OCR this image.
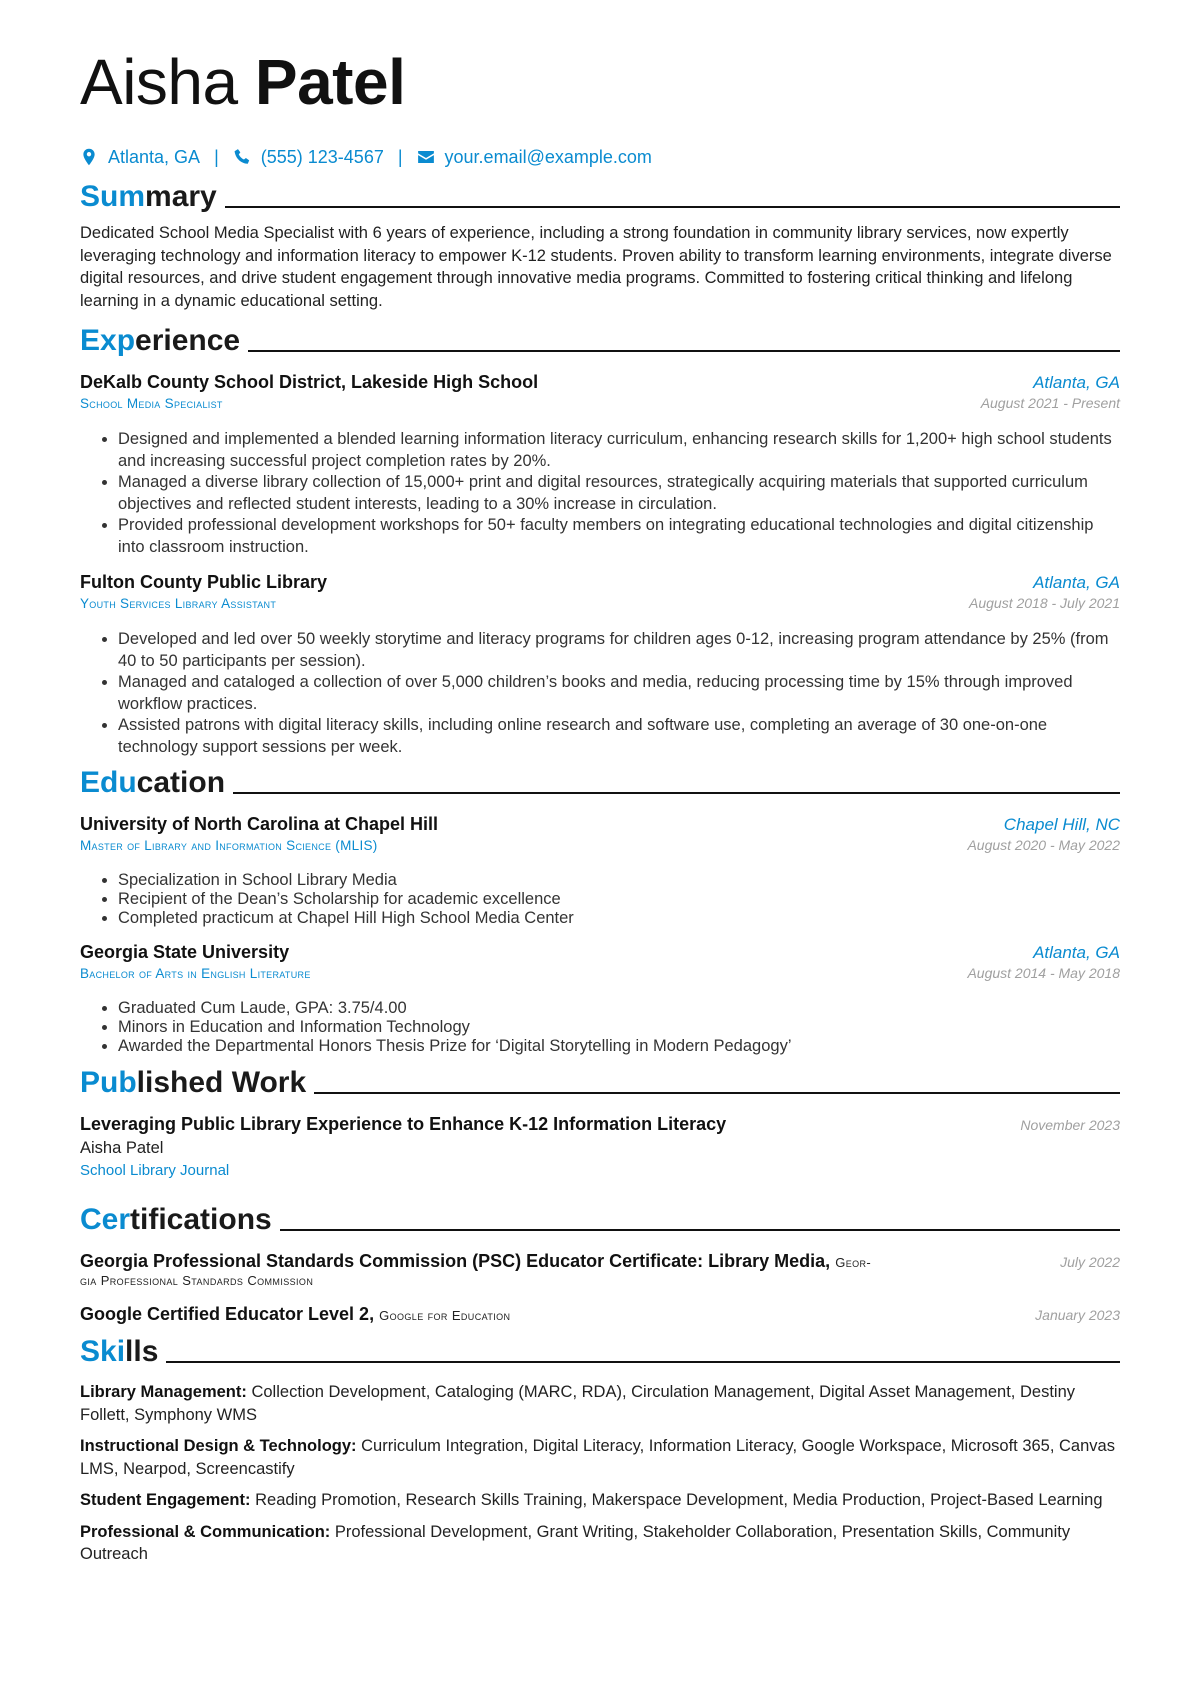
Aisha Patel
Atlanta, GA | (555) 123-4567 | your.email@example.com
Summary

Dedicated School Media Specialist with 6 years of experience, including a strong foundation in community library services, now expertly leveraging technology and information literacy to empower K-12 students. Proven ability to transform learning environments, integrate diverse digital resources, and drive student engagement through innovative media programs. Committed to fostering critical thinking and lifelong learning in a dynamic educational setting.

Experience
DeKalb County School District, Lakeside High School	Atlanta, GA
School Media Specialist	August 2021 - Present
• Designed and implemented a blended learning information literacy curriculum, enhancing research skills for 1,200+ high school students and increasing successful project completion rates by 20%.
• Managed a diverse library collection of 15,000+ print and digital resources, strategically acquiring materials that supported curriculum objectives and reflected student interests, leading to a 30% increase in circulation.
• Provided professional development workshops for 50+ faculty members on integrating educational technologies and digital citizenship into classroom instruction.
Fulton County Public Library	Atlanta, GA
Youth Services Library Assistant	August 2018 - July 2021
• Developed and led over 50 weekly storytime and literacy programs for children ages 0-12, increasing program attendance by 25% (from 40 to 50 participants per session).
• Managed and cataloged a collection of over 5,000 children’s books and media, reducing processing time by 15% through improved workflow practices.
• Assisted patrons with digital literacy skills, including online research and software use, completing an average of 30 one-on-one technology support sessions per week.
Education
University of North Carolina at Chapel Hill	Chapel Hill, NC
Master of Library and Information Science (MLIS)	August 2020 - May 2022
• Specialization in School Library Media
• Recipient of the Dean’s Scholarship for academic excellence
• Completed practicum at Chapel Hill High School Media Center
Georgia State University	Atlanta, GA
Bachelor of Arts in English Literature	August 2014 - May 2018
• Graduated Cum Laude, GPA: 3.75/4.00
• Minors in Education and Information Technology
• Awarded the Departmental Honors Thesis Prize for ‘Digital Storytelling in Modern Pedagogy’
Published Work
Leveraging Public Library Experience to Enhance K-12 Information Literacy	November 2023
Aisha Patel
School Library Journal
Certifications
Georgia Professional Standards Commission (PSC) Educator Certificate: Library Media, Geor-
gia Professional Standards Commission
July 2022
Google Certified Educator Level 2, Google for Education	January 2023
Skills

Library Management: Collection Development, Cataloging (MARC, RDA), Circulation Management, Digital Asset Management, Destiny Follett, Symphony WMS

Instructional Design & Technology: Curriculum Integration, Digital Literacy, Information Literacy, Google Workspace, Microsoft 365, Canvas LMS, Nearpod, Screencastify

Student Engagement: Reading Promotion, Research Skills Training, Makerspace Development, Media Production, Project-Based Learning

Professional & Communication: Professional Development, Grant Writing, Stakeholder Collaboration, Presentation Skills, Community Outreach
